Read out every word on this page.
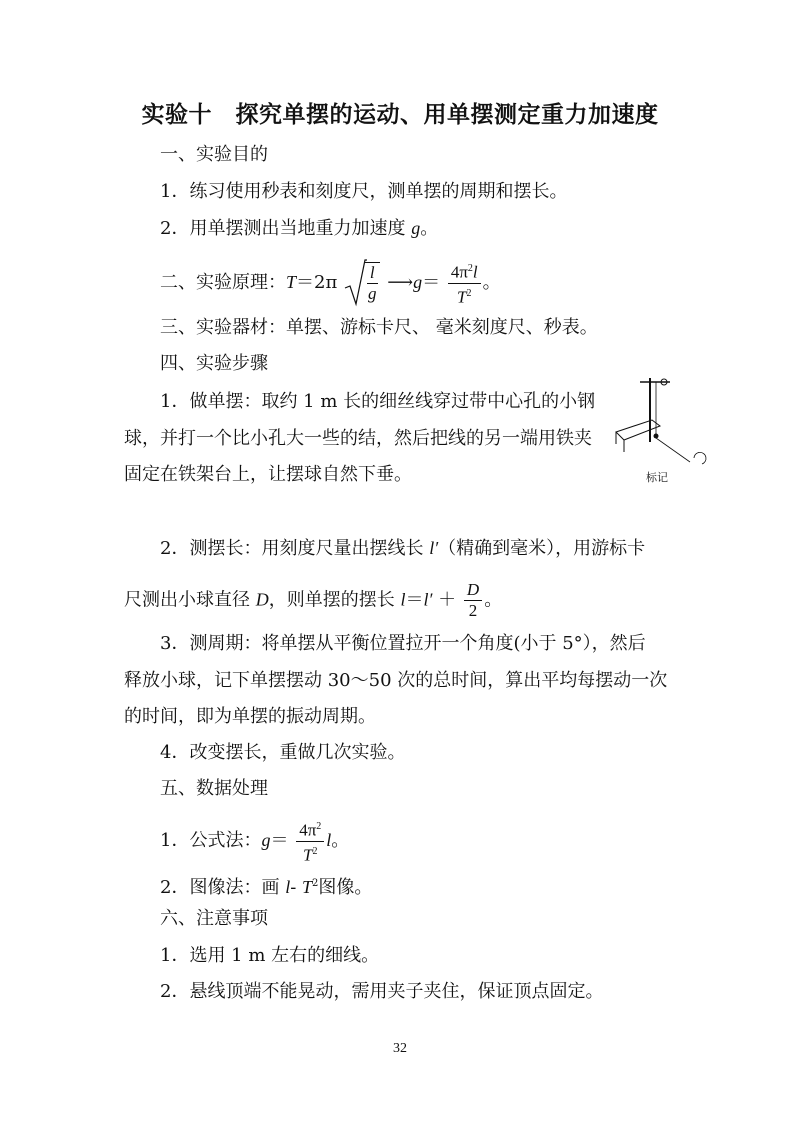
实验十　探究单摆的运动、用单摆测定重力加速度
一、实验目的
1．练习使用秒表和刻度尺，测单摆的周期和摆长。
2．用单摆测出当地重力加速度 g。
二、实验原理：$T=2\pi \frac{l}{g}$ ⟶g＝ $\frac{4\pi^2l}{T^2}$ 。
三、实验器材：单摆、游标卡尺、 毫米刻度尺、秒表。
四、实验步骤
1．做单摆：取约 1 m 长的细丝线穿过带中心孔的小钢
球，并打一个比小孔大一些的结，然后把线的另一端用铁夹
固定在铁架台上，让摆球自然下垂。	标记
2．测摆长：用刻度尺量出摆线长 l′（精确到毫米），用游标卡
尺测出小球直径 D，则单摆的摆长 $l=l' + \frac{D}{2}$ 。
3．测周期：将单摆从平衡位置拉开一个角度(小于 5°），然后
释放小球，记下单摆摆动 30～50 次的总时间，算出平均每摆动一次
的时间，即为单摆的振动周期。
4．改变摆长，重做几次实验。
五、数据处理
1．公式法：$g= \frac{4\pi^2}{T^2}$ l。
2．图像法：画 l- $T^2$图像。
六、注意事项
1．选用 1 m 左右的细线。
2．悬线顶端不能晃动，需用夹子夹住，保证顶点固定。
32
